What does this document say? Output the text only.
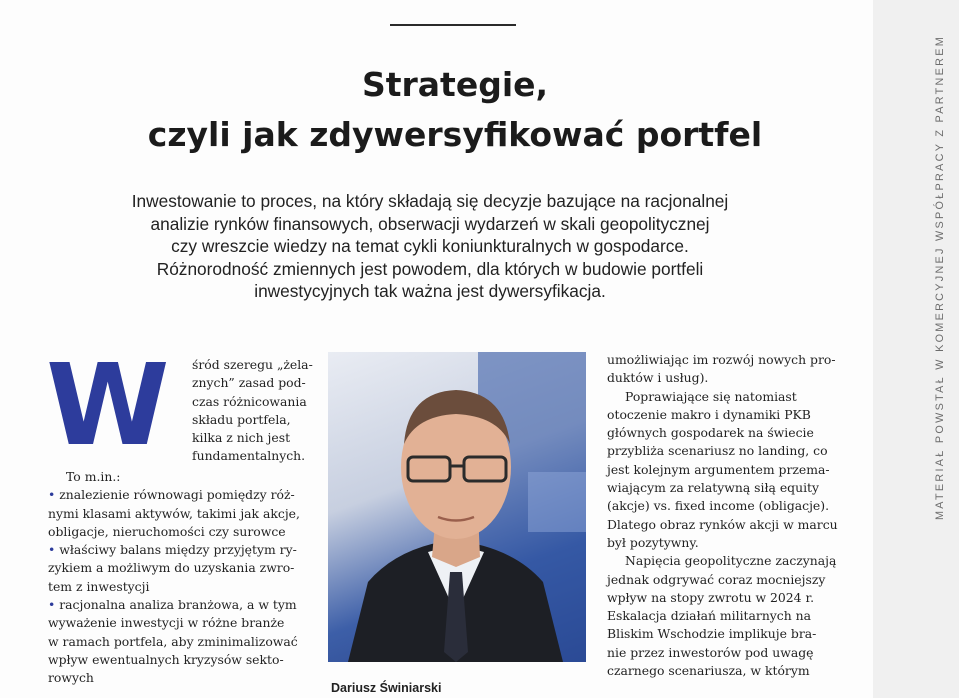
Strategie,
czyli jak zdywersyfikować portfel
Inwestowanie to proces, na który składają się decyzje bazujące na racjonalnej
analizie rynków finansowych, obserwacji wydarzeń w skali geopolitycznej
czy wreszcie wiedzy na temat cykli koniunkturalnych w gospodarce.
Różnorodność zmiennych jest powodem, dla których w budowie portfeli
inwestycyjnych tak ważna jest dywersyfikacja.
W śród szeregu „żela-
znych” zasad pod-
czas różnicowania
składu portfela,
kilka z nich jest
fundamentalnych.
To m.in.:
• znalezienie równowagi pomiędzy róż-
nymi klasami aktywów, takimi jak akcje,
obligacje, nieruchomości czy surowce
• właściwy balans między przyjętym ry-
zykiem a możliwym do uzyskania zwro-
tem z inwestycji
• racjonalna analiza branżowa, a w tym
wyważenie inwestycji w różne branże
w ramach portfela, aby zminimalizować
wpływ ewentualnych kryzysów sekto-
rowych
Dariusz Świniarski
umożliwiając im rozwój nowych pro-
duktów i usług).
Poprawiające się natomiast
otoczenie makro i dynamiki PKB
głównych gospodarek na świecie
przybliża scenariusz no landing, co
jest kolejnym argumentem przema-
wiającym za relatywną siłą equity
(akcje) vs. fixed income (obligacje).
Dlatego obraz rynków akcji w marcu
był pozytywny.
Napięcia geopolityczne zaczynają
jednak odgrywać coraz mocniejszy
wpływ na stopy zwrotu w 2024 r.
Eskalacja działań militarnych na
Bliskim Wschodzie implikuje bra-
nie przez inwestorów pod uwagę
czarnego scenariusza, w którym
MATERIAŁ POWSTAŁ W KOMERCYJNEJ WSPÓŁPRACY Z PARTNEREM
